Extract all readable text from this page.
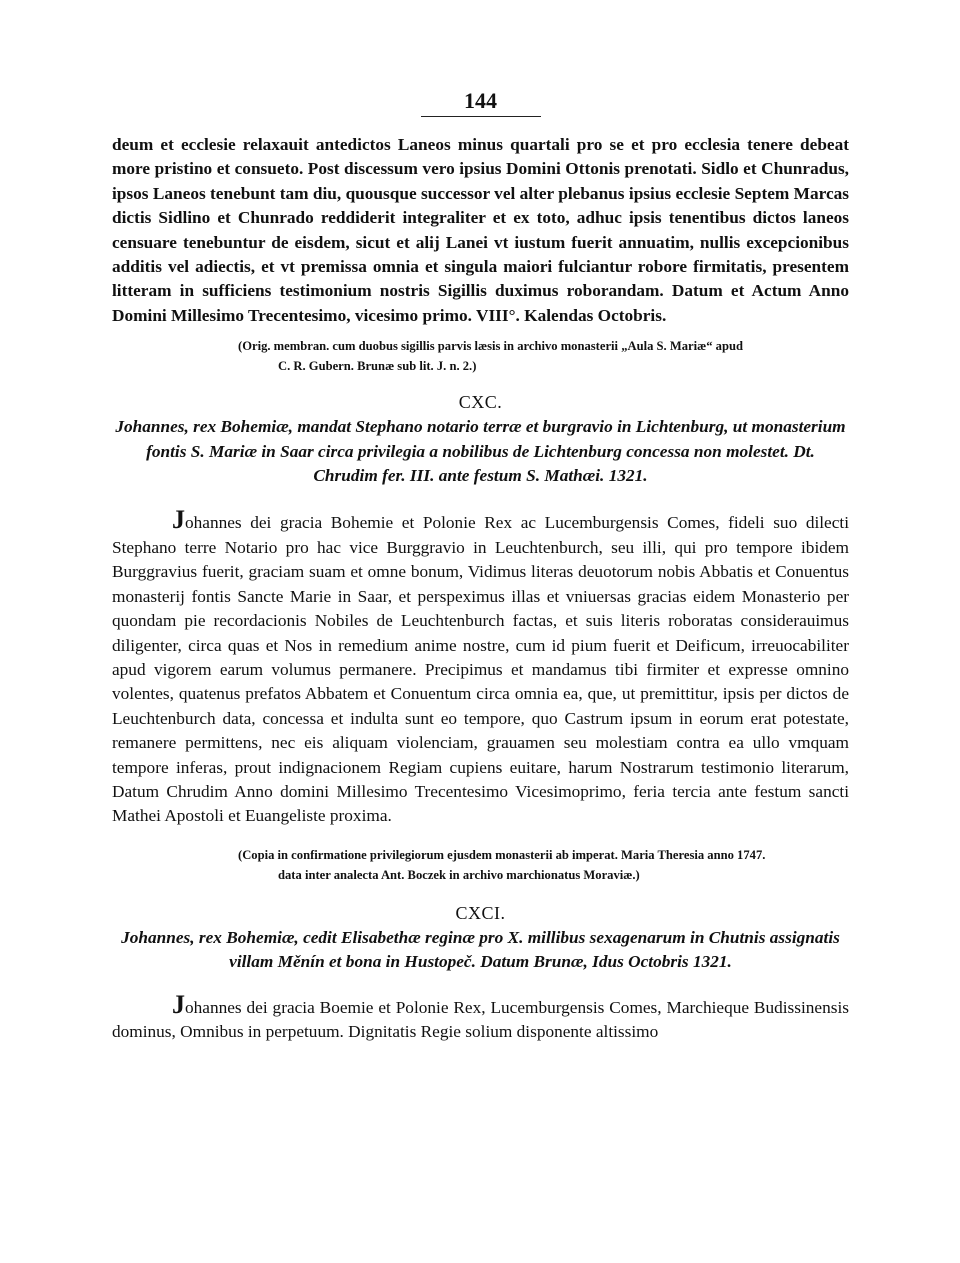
144

deum et ecclesie relaxauit antedictos Laneos minus quartali pro se et pro ecclesia tenere debeat more pristino et consueto. Post discessum vero ipsius Domini Ottonis prenotati. Sidlo et Chunradus, ipsos Laneos tenebunt tam diu, quousque successor vel alter plebanus ipsius ecclesie Septem Marcas dictis Sidlino et Chunrado reddiderit integraliter et ex toto, adhuc ipsis tenentibus dictos laneos censuare tenebuntur de eisdem, sicut et alij Lanei vt iustum fuerit annuatim, nullis excepcionibus additis vel adiectis, et vt premissa omnia et singula maiori fulciantur robore firmitatis, presentem litteram in sufficiens testimonium nostris Sigillis duximus roborandam. Datum et Actum Anno Domini Millesimo Trecentesimo, vicesimo primo. VIII°. Kalendas Octobris.

(Orig. membran. cum duobus sigillis parvis læsis in archivo monasterii „Aula S. Mariæ“ apud
C. R. Gubern. Brunæ sub lit. J. n. 2.)
CXC.

Johannes, rex Bohemiæ, mandat Stephano notario terræ et burgravio in Lichtenburg, ut monasterium fontis S. Mariæ in Saar circa privilegia a nobilibus de Lichtenburg concessa non molestet. Dt. Chrudim fer. III. ante festum S. Mathæi. 1321.

Johannes dei gracia Bohemie et Polonie Rex ac Lucemburgensis Comes, fideli suo dilecti Stephano terre Notario pro hac vice Burggravio in Leuchtenburch, seu illi, qui pro tempore ibidem Burggravius fuerit, graciam suam et omne bonum, Vidimus literas deuotorum nobis Abbatis et Conuentus monasterij fontis Sancte Marie in Saar, et perspeximus illas et vniuersas gracias eidem Monasterio per quondam pie recordacionis Nobiles de Leuchtenburch factas, et suis literis roboratas considerauimus diligenter, circa quas et Nos in remedium anime nostre, cum id pium fuerit et Deificum, irreuocabiliter apud vigorem earum volumus permanere. Precipimus et mandamus tibi firmiter et expresse omnino volentes, quatenus prefatos Abbatem et Conuentum circa omnia ea, que, ut premittitur, ipsis per dictos de Leuchtenburch data, concessa et indulta sunt eo tempore, quo Castrum ipsum in eorum erat potestate, remanere permittens, nec eis aliquam violenciam, grauamen seu molestiam contra ea ullo vmquam tempore inferas, prout indignacionem Regiam cupiens euitare, harum Nostrarum testimonio literarum, Datum Chrudim Anno domini Millesimo Trecentesimo Vicesimoprimo, feria tercia ante festum sancti Mathei Apostoli et Euangeliste proxima.

(Copia in confirmatione privilegiorum ejusdem monasterii ab imperat. Maria Theresia anno 1747.
data inter analecta Ant. Boczek in archivo marchionatus Moraviæ.)
CXCI.

Johannes, rex Bohemiæ, cedit Elisabethæ reginæ pro X. millibus sexagenarum in Chutnis assignatis villam Měnín et bona in Hustopeč. Datum Brunæ, Idus Octobris 1321.

Johannes dei gracia Boemie et Polonie Rex, Lucemburgensis Comes, Marchieque Budissinensis dominus, Omnibus in perpetuum. Dignitatis Regie solium disponente altissimo
